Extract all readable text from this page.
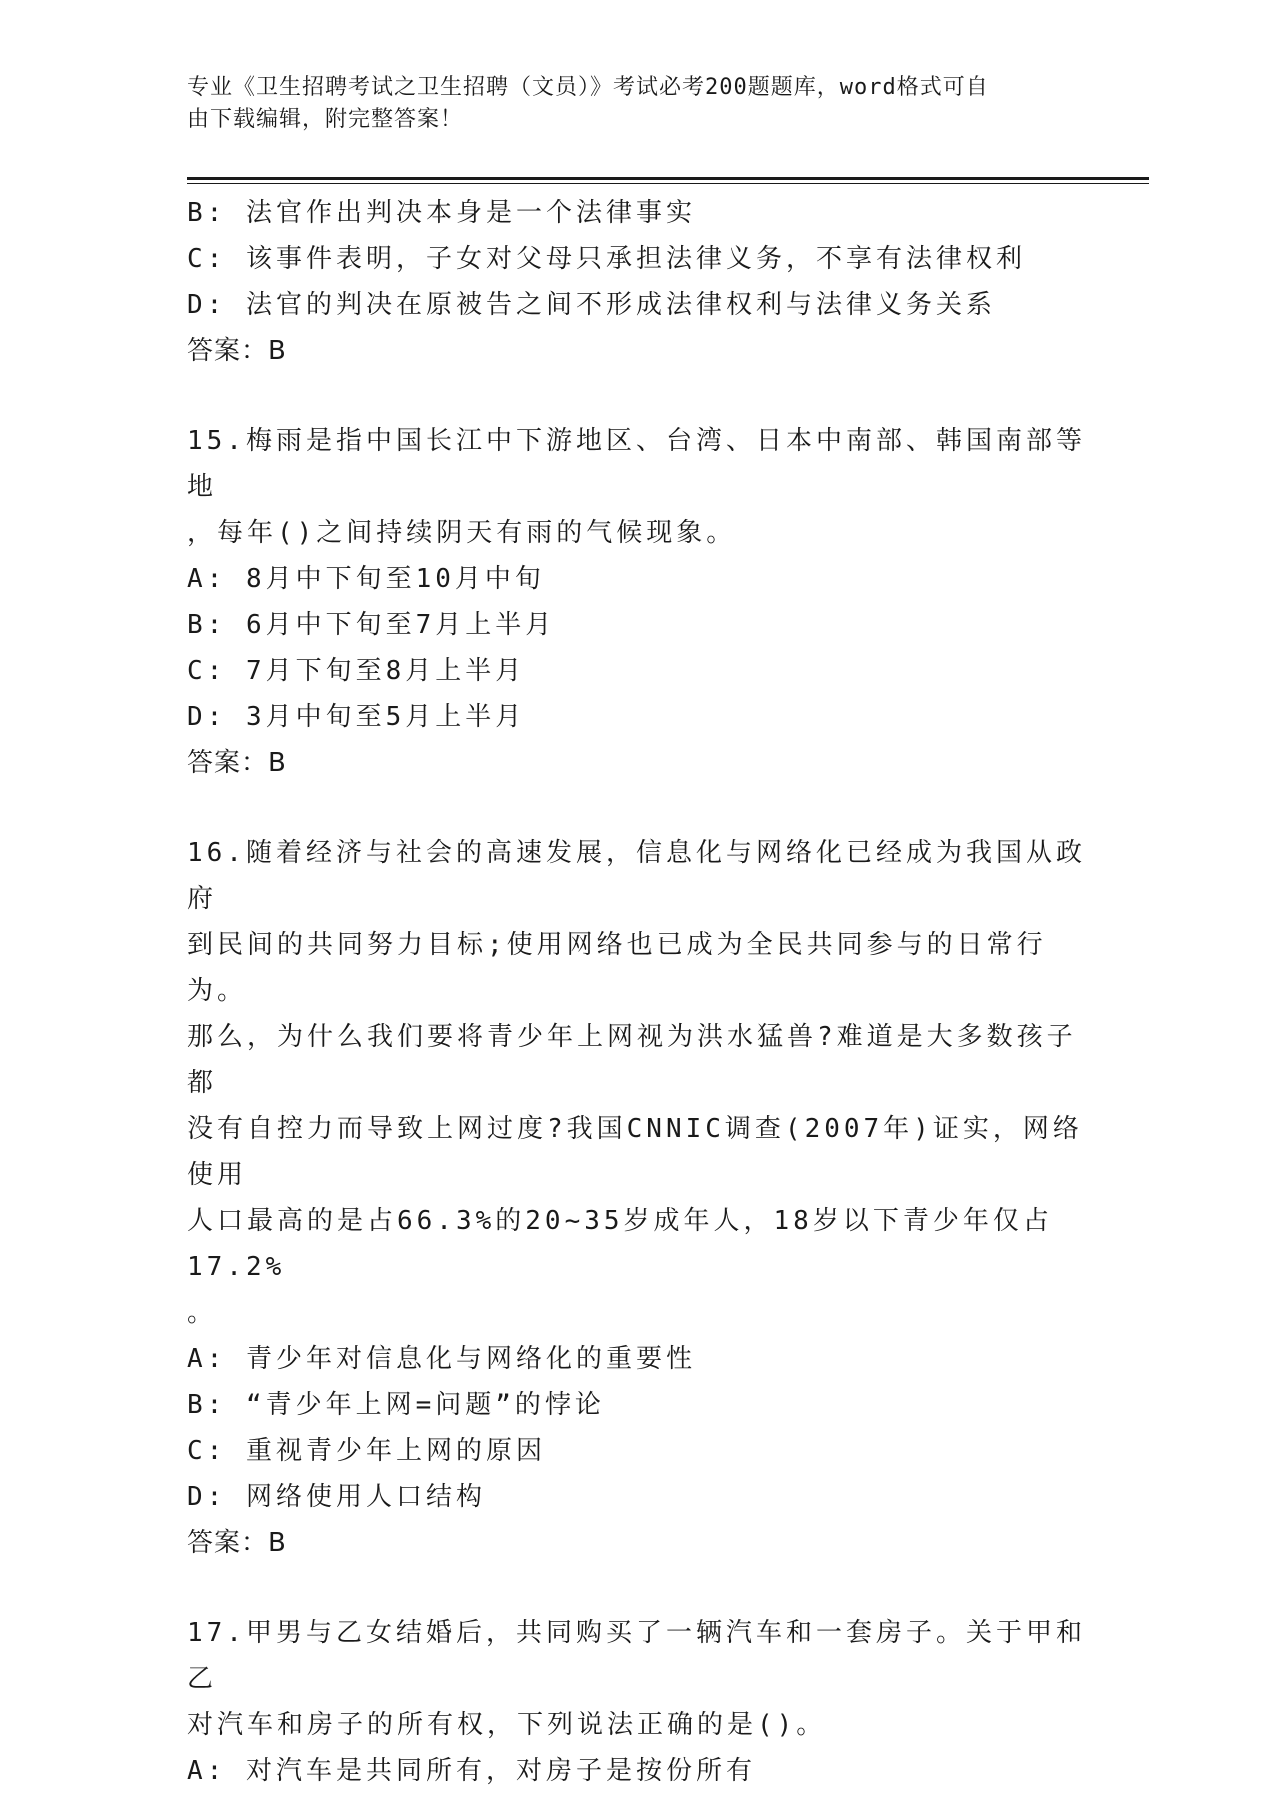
专业《卫生招聘考试之卫生招聘（文员）》考试必考200题题库，word格式可自
由下载编辑，附完整答案！
B: 法官作出判决本身是一个法律事实
C: 该事件表明，子女对父母只承担法律义务，不享有法律权利
D: 法官的判决在原被告之间不形成法律权利与法律义务关系
答案：B
15.梅雨是指中国长江中下游地区、台湾、日本中南部、韩国南部等地
，每年()之间持续阴天有雨的气候现象。
A: 8月中下旬至10月中旬
B: 6月中下旬至7月上半月
C: 7月下旬至8月上半月
D: 3月中旬至5月上半月
答案：B
16.随着经济与社会的高速发展，信息化与网络化已经成为我国从政府
到民间的共同努力目标;使用网络也已成为全民共同参与的日常行为。
那么，为什么我们要将青少年上网视为洪水猛兽?难道是大多数孩子都
没有自控力而导致上网过度?我国CNNIC调查(2007年)证实，网络使用
人口最高的是占66.3%的20~35岁成年人，18岁以下青少年仅占17.2%
。
A: 青少年对信息化与网络化的重要性
B: “青少年上网=问题”的悖论
C: 重视青少年上网的原因
D: 网络使用人口结构
答案：B
17.甲男与乙女结婚后，共同购买了一辆汽车和一套房子。关于甲和乙
对汽车和房子的所有权，下列说法正确的是()。
A: 对汽车是共同所有，对房子是按份所有
